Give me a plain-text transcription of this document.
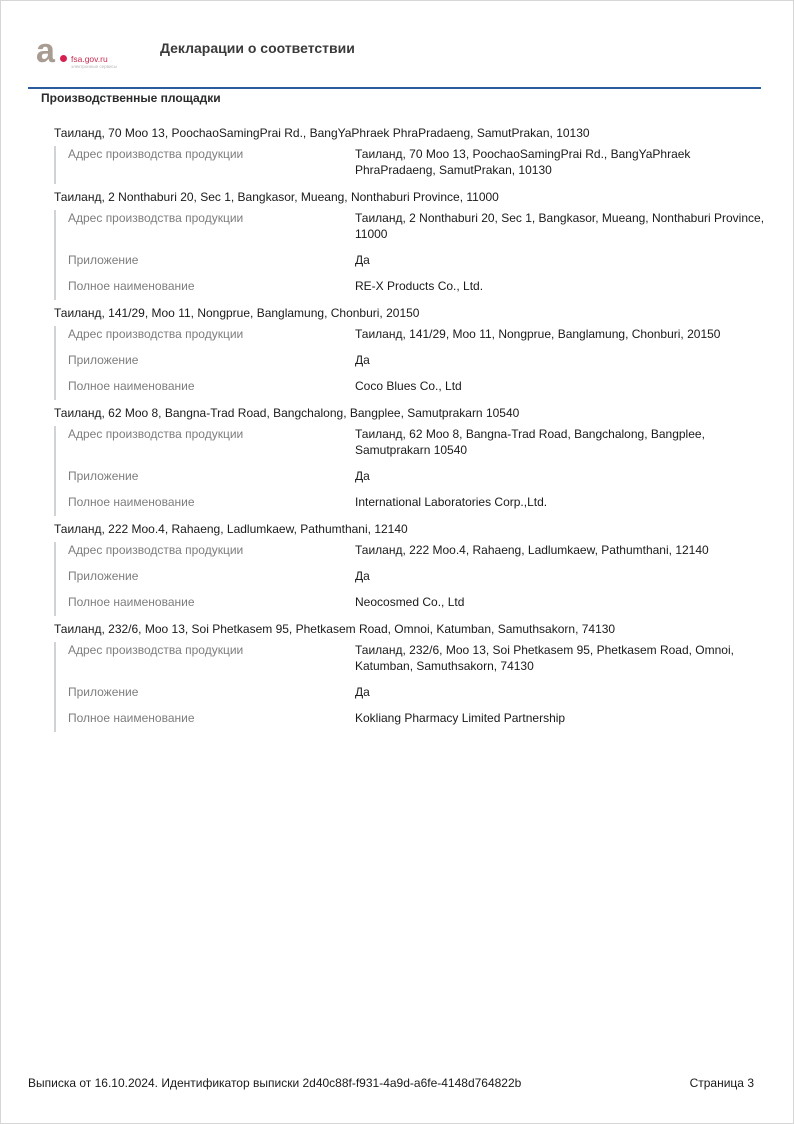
a fsa.gov.ru
электронные сервисы
Декларации о соответствии
Производственные площадки
Таиланд, 70 Moo 13, PoochaoSamingPrai Rd., BangYaPhraek PhraPradaeng, SamutPrakan, 10130
Адрес производства продукции	Таиланд, 70 Moo 13, PoochaoSamingPrai Rd., BangYaPhraek PhraPradaeng, SamutPrakan, 10130
Таиланд, 2 Nonthaburi 20, Sec 1, Bangkasor, Mueang, Nonthaburi Province, 11000
Адрес производства продукции	Таиланд, 2 Nonthaburi 20, Sec 1, Bangkasor, Mueang, Nonthaburi Province, 11000
Приложение	Да
Полное наименование	RE-X Products Co., Ltd.
Таиланд, 141/29, Moo 11, Nongprue, Banglamung, Chonburi, 20150
Адрес производства продукции	Таиланд, 141/29, Moo 11, Nongprue, Banglamung, Chonburi, 20150
Приложение	Да
Полное наименование	Coco Blues Co., Ltd
Таиланд, 62 Moo 8, Bangna-Trad Road, Bangchalong, Bangplee, Samutprakarn 10540
Адрес производства продукции	Таиланд, 62 Moo 8, Bangna-Trad Road, Bangchalong, Bangplee, Samutprakarn 10540
Приложение	Да
Полное наименование	International Laboratories Corp.,Ltd.
Таиланд, 222 Moo.4, Rahaeng, Ladlumkaew, Pathumthani, 12140
Адрес производства продукции	Таиланд, 222 Moo.4, Rahaeng, Ladlumkaew, Pathumthani, 12140
Приложение	Да
Полное наименование	Neocosmed Co., Ltd
Таиланд, 232/6, Moo 13, Soi Phetkasem 95, Phetkasem Road, Omnoi, Katumban, Samuthsakorn, 74130
Адрес производства продукции	Таиланд, 232/6, Moo 13, Soi Phetkasem 95, Phetkasem Road, Omnoi, Katumban, Samuthsakorn, 74130
Приложение	Да
Полное наименование	Kokliang Pharmacy Limited Partnership
Выписка от 16.10.2024. Идентификатор выписки 2d40c88f-f931-4a9d-a6fe-4148d764822b	Страница 3
